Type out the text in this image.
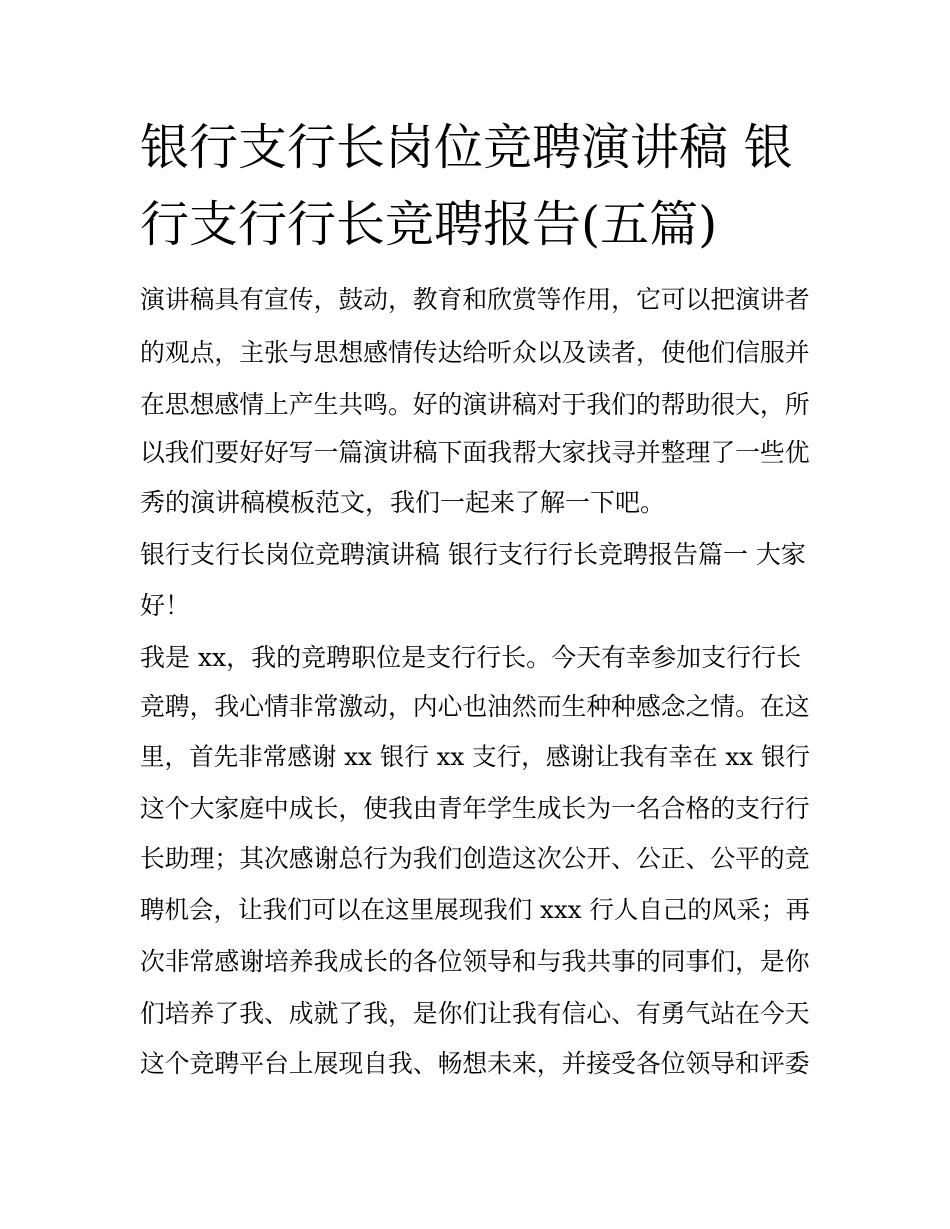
银行支行长岗位竞聘演讲稿 银
行支行行长竞聘报告(五篇)
演讲稿具有宣传，鼓动，教育和欣赏等作用，它可以把演讲者
的观点，主张与思想感情传达给听众以及读者，使他们信服并
在思想感情上产生共鸣。好的演讲稿对于我们的帮助很大，所
以我们要好好写一篇演讲稿下面我帮大家找寻并整理了一些优
秀的演讲稿模板范文，我们一起来了解一下吧。
银行支行长岗位竞聘演讲稿 银行支行行长竞聘报告篇一 大家
好！
我是 xx，我的竞聘职位是支行行长。今天有幸参加支行行长
竞聘，我心情非常激动，内心也油然而生种种感念之情。在这
里，首先非常感谢 xx 银行 xx 支行，感谢让我有幸在 xx 银行
这个大家庭中成长，使我由青年学生成长为一名合格的支行行
长助理；其次感谢总行为我们创造这次公开、公正、公平的竞
聘机会，让我们可以在这里展现我们 xxx 行人自己的风采；再
次非常感谢培养我成长的各位领导和与我共事的同事们，是你
们培养了我、成就了我，是你们让我有信心、有勇气站在今天
这个竞聘平台上展现自我、畅想未来，并接受各位领导和评委
